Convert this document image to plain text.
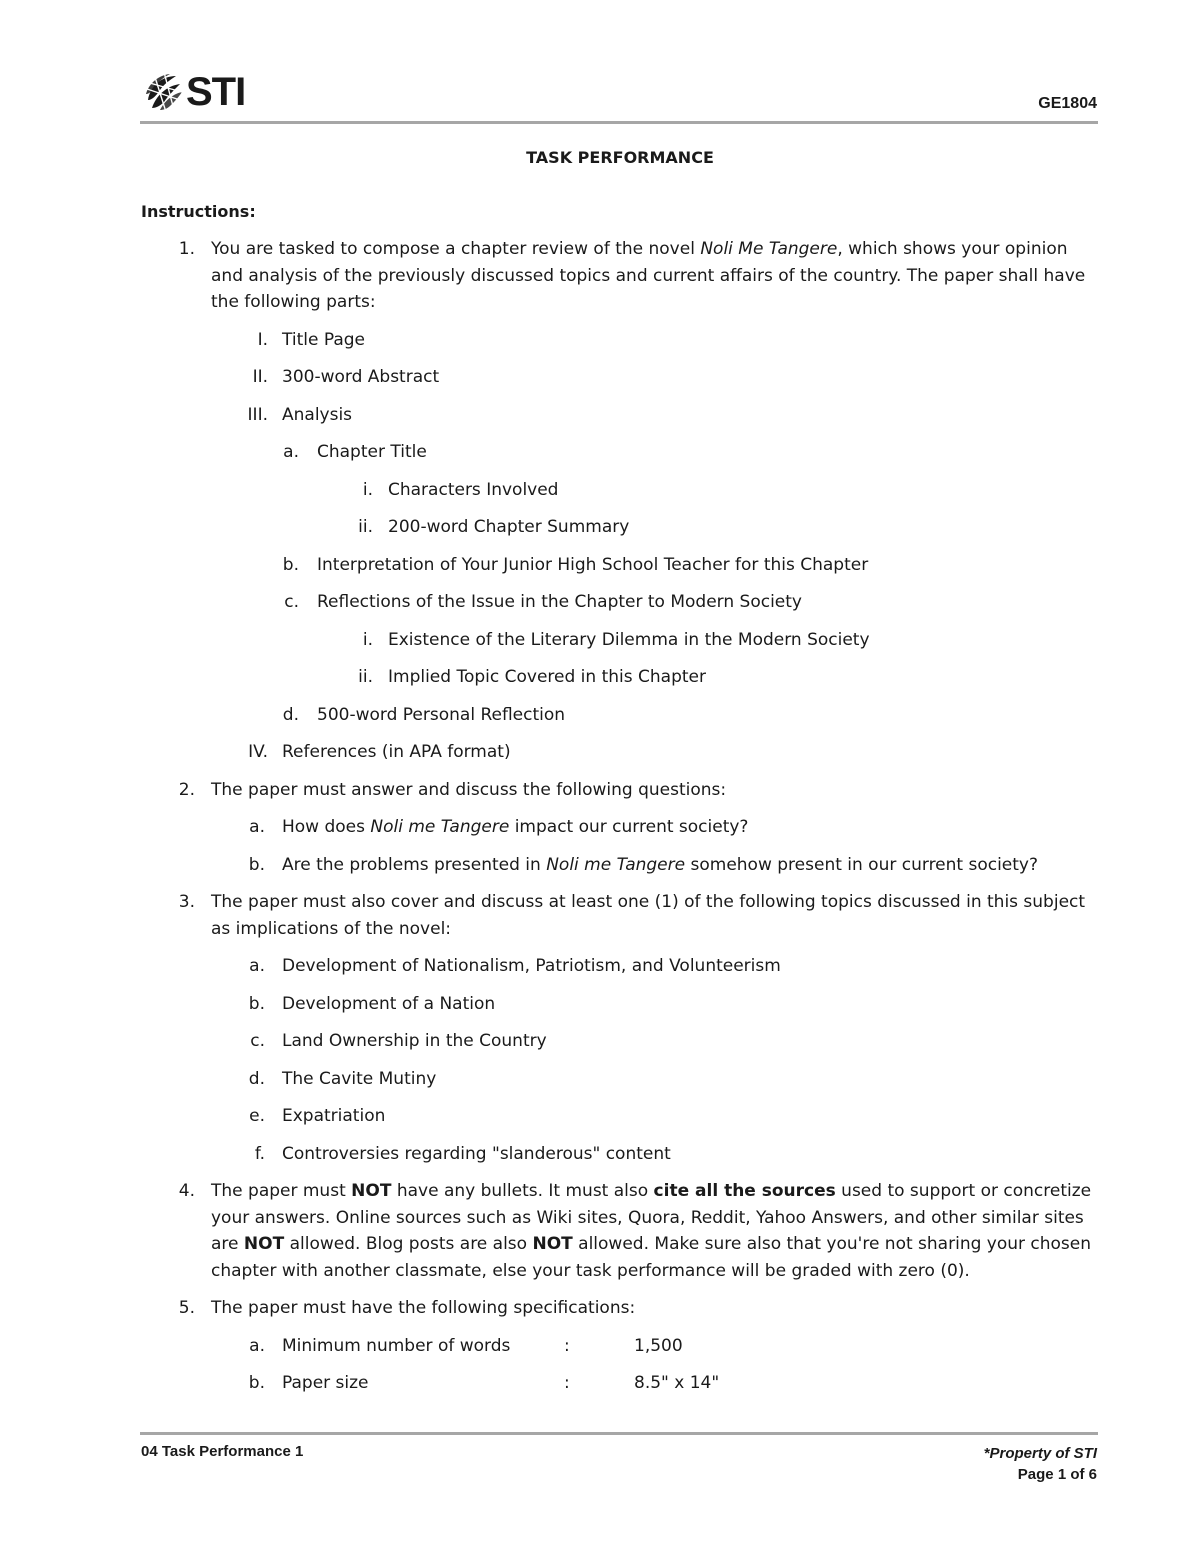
STI	GE1804
TASK PERFORMANCE
Instructions:
1. You are tasked to compose a chapter review of the novel Noli Me Tangere, which shows your opinion and analysis of the previously discussed topics and current affairs of the country. The paper shall have the following parts:
I. Title Page
II. 300-word Abstract
III. Analysis
a. Chapter Title
i. Characters Involved
ii. 200-word Chapter Summary
b. Interpretation of Your Junior High School Teacher for this Chapter
c. Reflections of the Issue in the Chapter to Modern Society
i. Existence of the Literary Dilemma in the Modern Society
ii. Implied Topic Covered in this Chapter
d. 500-word Personal Reflection
IV. References (in APA format)
2. The paper must answer and discuss the following questions:
a. How does Noli me Tangere impact our current society?
b. Are the problems presented in Noli me Tangere somehow present in our current society?
3. The paper must also cover and discuss at least one (1) of the following topics discussed in this subject as implications of the novel:
a. Development of Nationalism, Patriotism, and Volunteerism
b. Development of a Nation
c. Land Ownership in the Country
d. The Cavite Mutiny
e. Expatriation
f. Controversies regarding "slanderous" content
4. The paper must NOT have any bullets. It must also cite all the sources used to support or concretize your answers. Online sources such as Wiki sites, Quora, Reddit, Yahoo Answers, and other similar sites are NOT allowed. Blog posts are also NOT allowed. Make sure also that you're not sharing your chosen chapter with another classmate, else your task performance will be graded with zero (0).
5. The paper must have the following specifications:
a. Minimum number of words	:	1,500
b. Paper size	:	8.5" x 14"
04 Task Performance 1	*Property of STI
Page 1 of 6
